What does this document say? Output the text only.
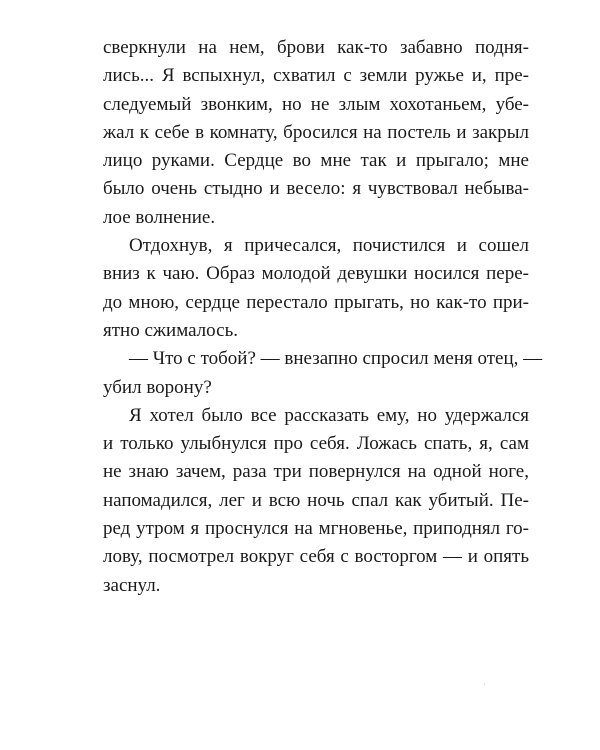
сверкнули на нем, брови как-то забавно подня-
лись... Я вспыхнул, схватил с земли ружье и, пре-
следуемый звонким, но не злым хохотаньем, убе-
жал к себе в комнату, бросился на постель и закрыл
лицо руками. Сердце во мне так и прыгало; мне
было очень стыдно и весело: я чувствовал небыва-
лое волнение.
Отдохнув, я причесался, почистился и сошел
вниз к чаю. Образ молодой девушки носился пере-
до мною, сердце перестало прыгать, но как-то при-
ятно сжималось.
— Что с тобой? — внезапно спросил меня отец, —
убил ворону?
Я хотел было все рассказать ему, но удержался
и только улыбнулся про себя. Ложась спать, я, сам
не знаю зачем, раза три повернулся на одной ноге,
напомадился, лег и всю ночь спал как убитый. Пе-
ред утром я проснулся на мгновенье, приподнял го-
лову, посмотрел вокруг себя с восторгом — и опять
заснул.
